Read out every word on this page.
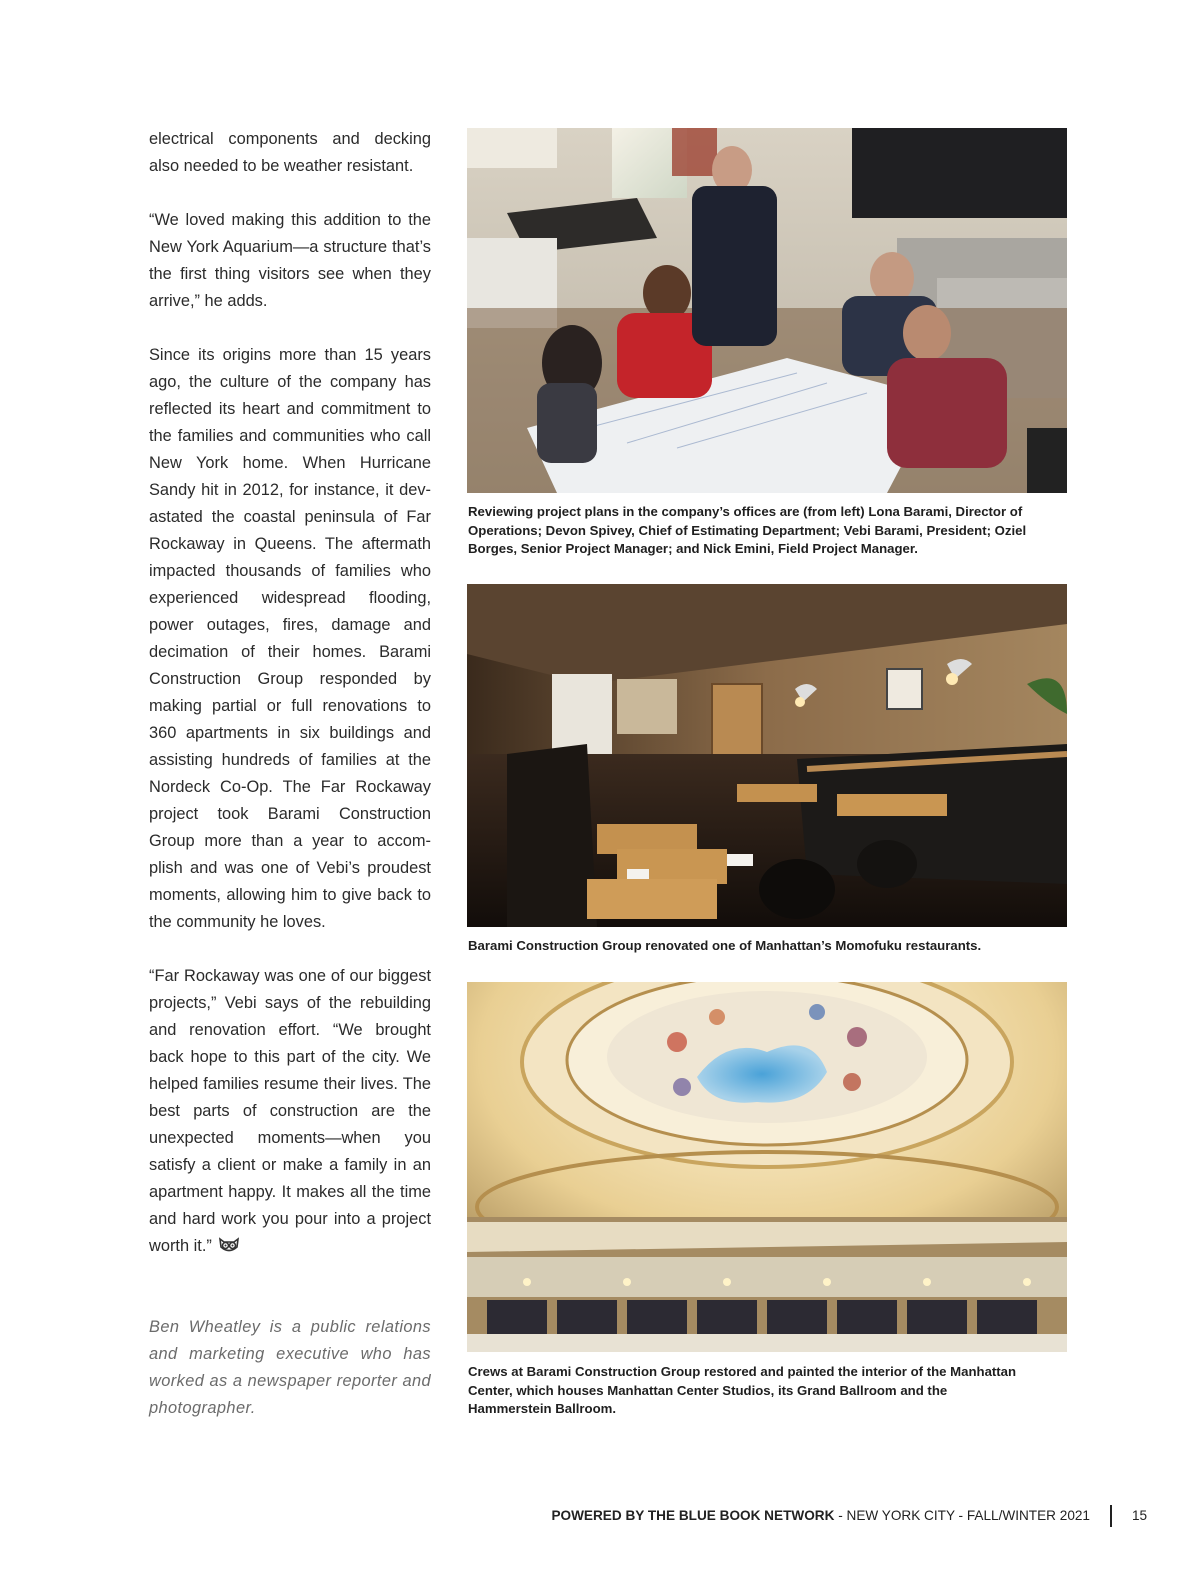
electrical components and decking also needed to be weather resistant.

“We loved making this addition to the New York Aquarium—a structure that’s the first thing visitors see when they arrive,” he adds.

Since its origins more than 15 years ago, the culture of the company has reflected its heart and commitment to the families and communities who call New York home. When Hurricane Sandy hit in 2012, for instance, it dev-astated the coastal peninsula of Far Rockaway in Queens. The aftermath impacted thousands of families who experienced widespread flooding, power outages, fires, damage and decimation of their homes. Barami Construction Group responded by making partial or full renovations to 360 apartments in six buildings and assisting hundreds of families at the Nordeck Co-Op. The Far Rockaway project took Barami Construction Group more than a year to accom-plish and was one of Vebi’s proudest moments, allowing him to give back to the community he loves.

“Far Rockaway was one of our biggest projects,” Vebi says of the rebuilding and renovation effort. “We brought back hope to this part of the city. We helped families resume their lives. The best parts of construction are the unexpected moments—when you satisfy a client or make a family in an apartment happy. It makes all the time and hard work you pour into a project worth it.”

Ben Wheatley is a public relations and marketing executive who has worked as a newspaper reporter and photographer.

Reviewing project plans in the company’s offices are (from left) Lona Barami, Director of Operations; Devon Spivey, Chief of Estimating Department; Vebi Barami, President; Oziel Borges, Senior Project Manager; and Nick Emini, Field Project Manager.
Barami Construction Group renovated one of Manhattan’s Momofuku restaurants.
Crews at Barami Construction Group restored and painted the interior of the Manhattan Center, which houses Manhattan Center Studios, its Grand Ballroom and the Hammerstein Ballroom.
POWERED BY THE BLUE BOOK NETWORK - NEW YORK CITY - FALL/WINTER 2021	15
